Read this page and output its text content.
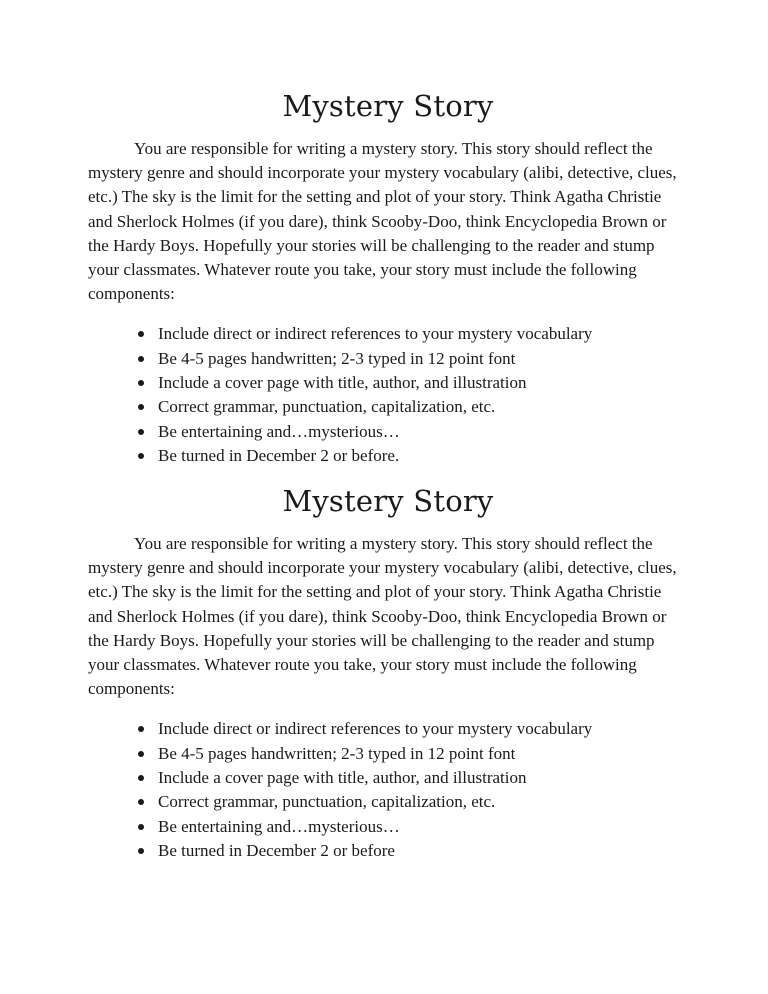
Mystery Story

You are responsible for writing a mystery story. This story should reflect the mystery genre and should incorporate your mystery vocabulary (alibi, detective, clues, etc.) The sky is the limit for the setting and plot of your story. Think Agatha Christie and Sherlock Holmes (if you dare), think Scooby-Doo, think Encyclopedia Brown or the Hardy Boys. Hopefully your stories will be challenging to the reader and stump your classmates. Whatever route you take, your story must include the following components:

Include direct or indirect references to your mystery vocabulary
Be 4-5 pages handwritten; 2-3 typed in 12 point font
Include a cover page with title, author, and illustration
Correct grammar, punctuation, capitalization, etc.
Be entertaining and…mysterious…
Be turned in December 2 or before.
Mystery Story

You are responsible for writing a mystery story. This story should reflect the mystery genre and should incorporate your mystery vocabulary (alibi, detective, clues, etc.) The sky is the limit for the setting and plot of your story. Think Agatha Christie and Sherlock Holmes (if you dare), think Scooby-Doo, think Encyclopedia Brown or the Hardy Boys. Hopefully your stories will be challenging to the reader and stump your classmates. Whatever route you take, your story must include the following components:

Include direct or indirect references to your mystery vocabulary
Be 4-5 pages handwritten; 2-3 typed in 12 point font
Include a cover page with title, author, and illustration
Correct grammar, punctuation, capitalization, etc.
Be entertaining and…mysterious…
Be turned in December 2 or before
